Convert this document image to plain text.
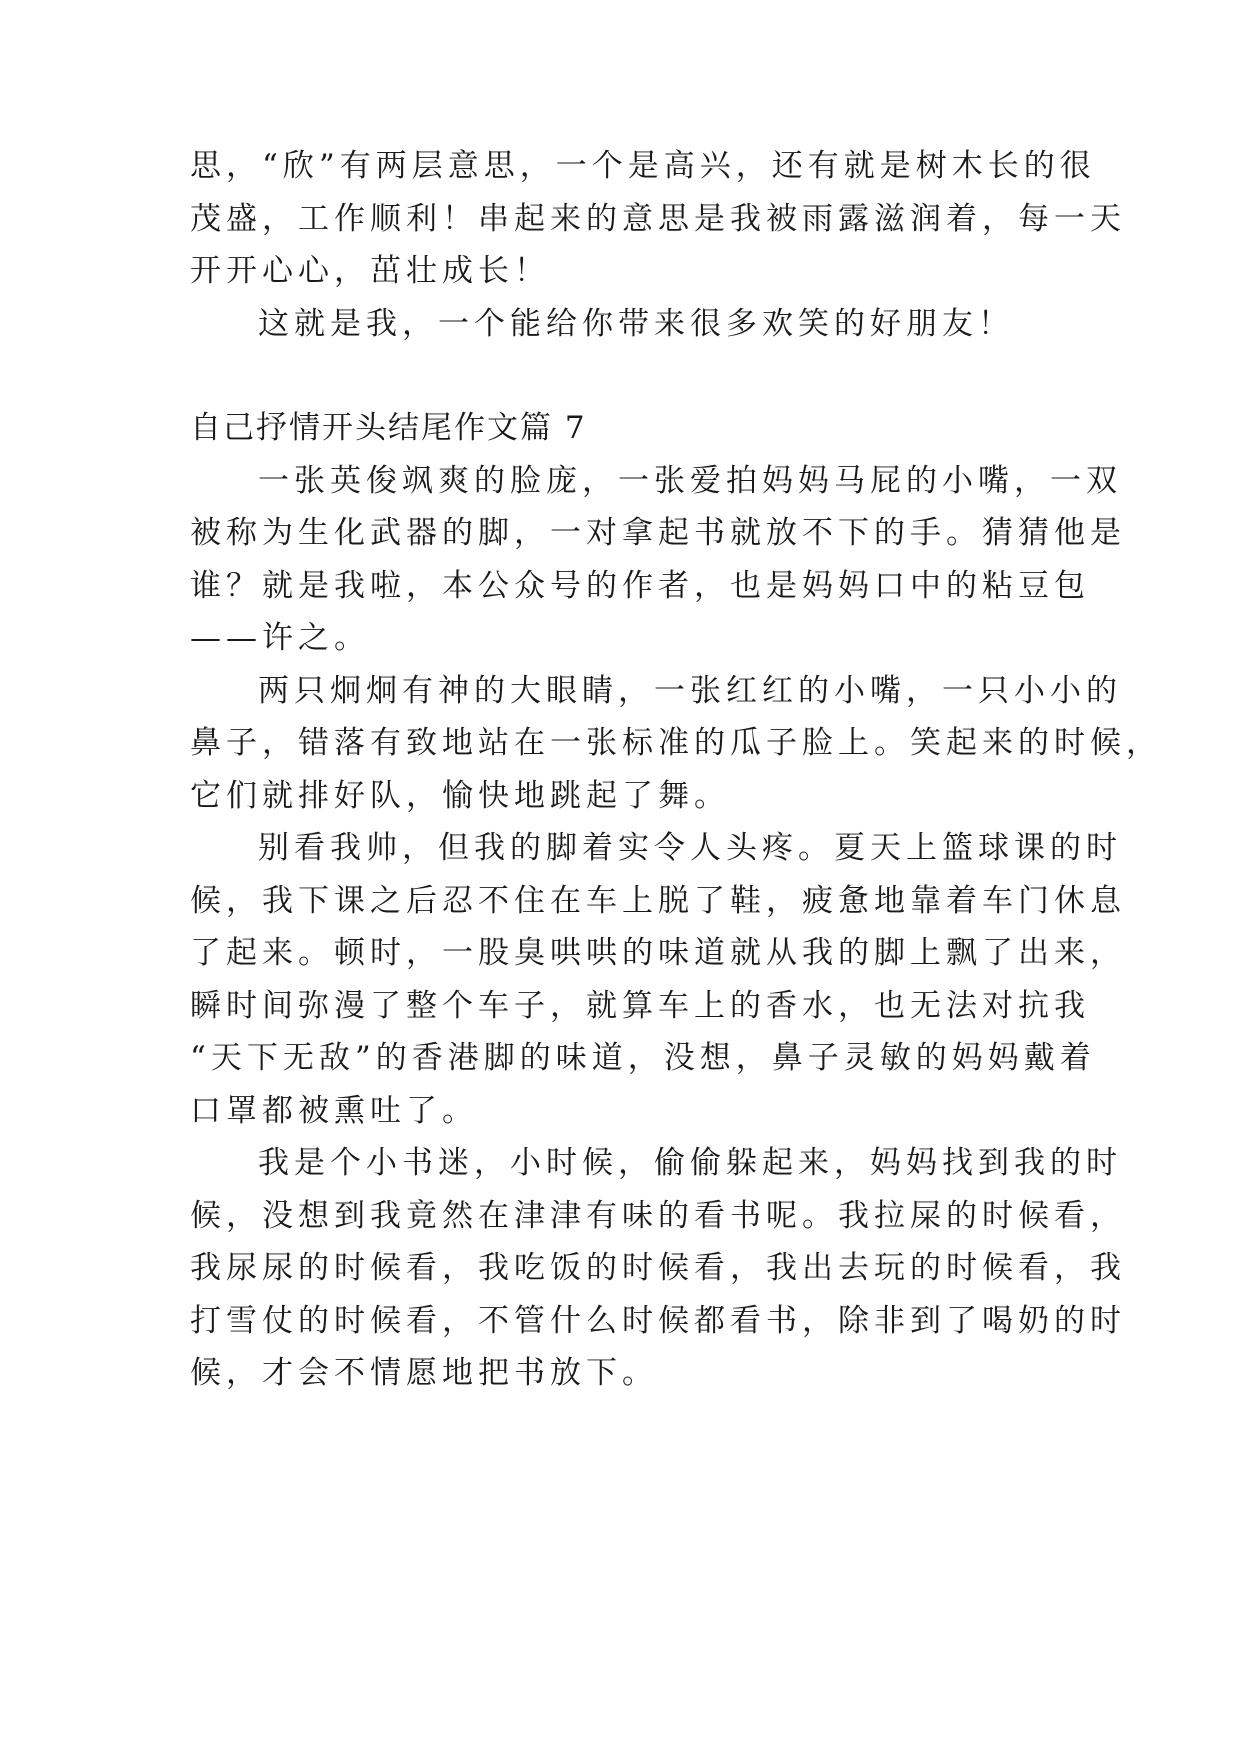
思，“欣”有两层意思，一个是高兴，还有就是树木长的很
茂盛，工作顺利！串起来的意思是我被雨露滋润着，每一天
开开心心，茁壮成长！
这就是我，一个能给你带来很多欢笑的好朋友！
自己抒情开头结尾作文篇 7
一张英俊飒爽的脸庞，一张爱拍妈妈马屁的小嘴，一双
被称为生化武器的脚，一对拿起书就放不下的手。猜猜他是
谁？就是我啦，本公众号的作者，也是妈妈口中的粘豆包
——许之。
两只炯炯有神的大眼睛，一张红红的小嘴，一只小小的
鼻子，错落有致地站在一张标准的瓜子脸上。笑起来的时候，
它们就排好队，愉快地跳起了舞。
别看我帅，但我的脚着实令人头疼。夏天上篮球课的时
候，我下课之后忍不住在车上脱了鞋，疲惫地靠着车门休息
了起来。顿时，一股臭哄哄的味道就从我的脚上飘了出来，
瞬时间弥漫了整个车子，就算车上的香水，也无法对抗我
“天下无敌”的香港脚的味道，没想，鼻子灵敏的妈妈戴着
口罩都被熏吐了。
我是个小书迷，小时候，偷偷躲起来，妈妈找到我的时
候，没想到我竟然在津津有味的看书呢。我拉屎的时候看，
我尿尿的时候看，我吃饭的时候看，我出去玩的时候看，我
打雪仗的时候看，不管什么时候都看书，除非到了喝奶的时
候，才会不情愿地把书放下。
